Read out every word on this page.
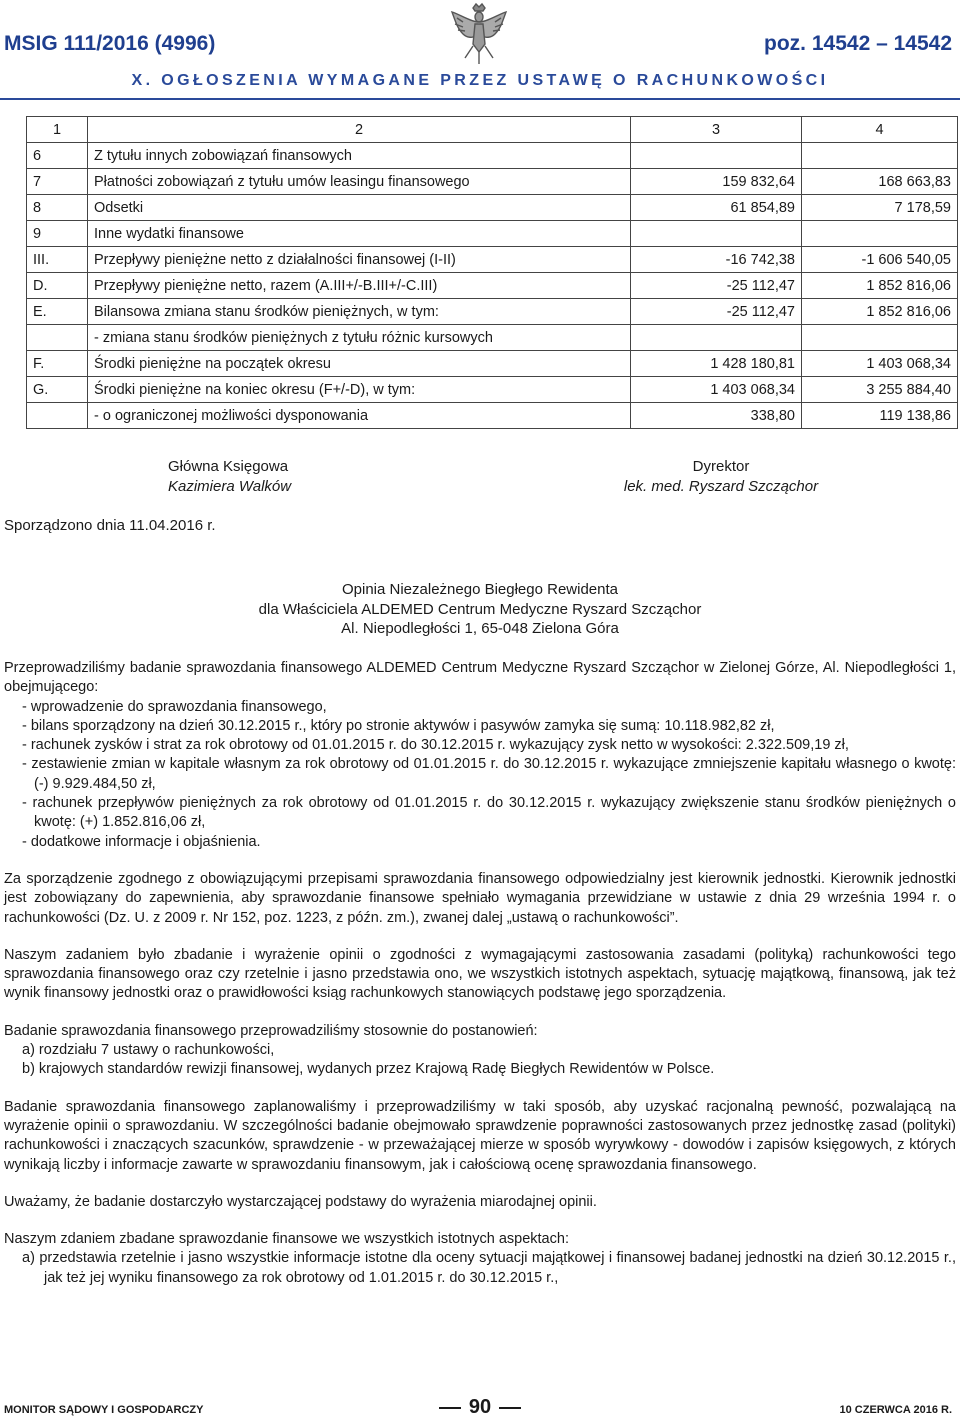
MSIG 111/2016 (4996)	poz. 14542 – 14542
X. OGŁOSZENIA WYMAGANE PRZEZ USTAWĘ O RACHUNKOWOŚCI
1	2	3	4
6	Z tytułu innych zobowiązań finansowych		
7	Płatności zobowiązań z tytułu umów leasingu finansowego	159 832,64	168 663,83
8	Odsetki	61 854,89	7 178,59
9	Inne wydatki finansowe		
III.	Przepływy pieniężne netto z działalności finansowej (I-II)	-16 742,38	-1 606 540,05
D.	Przepływy pieniężne netto, razem (A.III+/-B.III+/-C.III)	-25 112,47	1 852 816,06
E.	Bilansowa zmiana stanu środków pieniężnych, w tym:	-25 112,47	1 852 816,06
	- zmiana stanu środków pieniężnych z tytułu różnic kursowych		
F.	Środki pieniężne na początek okresu	1 428 180,81	1 403 068,34
G.	Środki pieniężne na koniec okresu (F+/-D), w tym:	1 403 068,34	3 255 884,40
	- o ograniczonej możliwości dysponowania	338,80	119 138,86
Główna Księgowa
Kazimiera Walków
Dyrektor
lek. med. Ryszard Szcząchor
Sporządzono dnia 11.04.2016 r.
Opinia Niezależnego Biegłego Rewidenta
dla Właściciela ALDEMED Centrum Medyczne Ryszard Szcząchor
Al. Niepodległości 1, 65-048 Zielona Góra
Przeprowadziliśmy badanie sprawozdania finansowego ALDEMED Centrum Medyczne Ryszard Szcząchor w Zielonej Górze, Al. Niepodległości 1, obejmującego:
- wprowadzenie do sprawozdania finansowego,
- bilans sporządzony na dzień 30.12.2015 r., który po stronie aktywów i pasywów zamyka się sumą: 10.118.982,82 zł,
- rachunek zysków i strat za rok obrotowy od 01.01.2015 r. do 30.12.2015 r. wykazujący zysk netto w wysokości: 2.322.509,19 zł,
- zestawienie zmian w kapitale własnym za rok obrotowy od 01.01.2015 r. do 30.12.2015 r. wykazujące zmniejszenie kapitału własnego o kwotę: (-) 9.929.484,50 zł,
- rachunek przepływów pieniężnych za rok obrotowy od 01.01.2015 r. do 30.12.2015 r. wykazujący zwiększenie stanu środków pieniężnych o kwotę: (+) 1.852.816,06 zł,
- dodatkowe informacje i objaśnienia.

Za sporządzenie zgodnego z obowiązującymi przepisami sprawozdania finansowego odpowiedzialny jest kierownik jednostki. Kierownik jednostki jest zobowiązany do zapewnienia, aby sprawozdanie finansowe spełniało wymagania przewidziane w ustawie z dnia 29 września 1994 r. o rachunkowości (Dz. U. z 2009 r. Nr 152, poz. 1223, z późn. zm.), zwanej dalej „ustawą o rachunkowości”.

Naszym zadaniem było zbadanie i wyrażenie opinii o zgodności z wymagającymi zastosowania zasadami (polityką) rachunkowości tego sprawozdania finansowego oraz czy rzetelnie i jasno przedstawia ono, we wszystkich istotnych aspektach, sytuację majątkową, finansową, jak też wynik finansowy jednostki oraz o prawidłowości ksiąg rachunkowych stanowiących podstawę jego sporządzenia.

Badanie sprawozdania finansowego przeprowadziliśmy stosownie do postanowień:
a) rozdziału 7 ustawy o rachunkowości,
b) krajowych standardów rewizji finansowej, wydanych przez Krajową Radę Biegłych Rewidentów w Polsce.

Badanie sprawozdania finansowego zaplanowaliśmy i przeprowadziliśmy w taki sposób, aby uzyskać racjonalną pewność, pozwalającą na wyrażenie opinii o sprawozdaniu. W szczególności badanie obejmowało sprawdzenie poprawności zastosowanych przez jednostkę zasad (polityki) rachunkowości i znaczących szacunków, sprawdzenie - w przeważającej mierze w sposób wyrywkowy - dowodów i zapisów księgowych, z których wynikają liczby i informacje zawarte w sprawozdaniu finansowym, jak i całościową ocenę sprawozdania finansowego.

Uważamy, że badanie dostarczyło wystarczającej podstawy do wyrażenia miarodajnej opinii.

Naszym zdaniem zbadane sprawozdanie finansowe we wszystkich istotnych aspektach:
a) przedstawia rzetelnie i jasno wszystkie informacje istotne dla oceny sytuacji majątkowej i finansowej badanej jednostki na dzień 30.12.2015 r., jak też jej wyniku finansowego za rok obrotowy od 1.01.2015 r. do 30.12.2015 r.,
MONITOR SĄDOWY I GOSPODARCZY	90	10 CZERWCA 2016 R.
